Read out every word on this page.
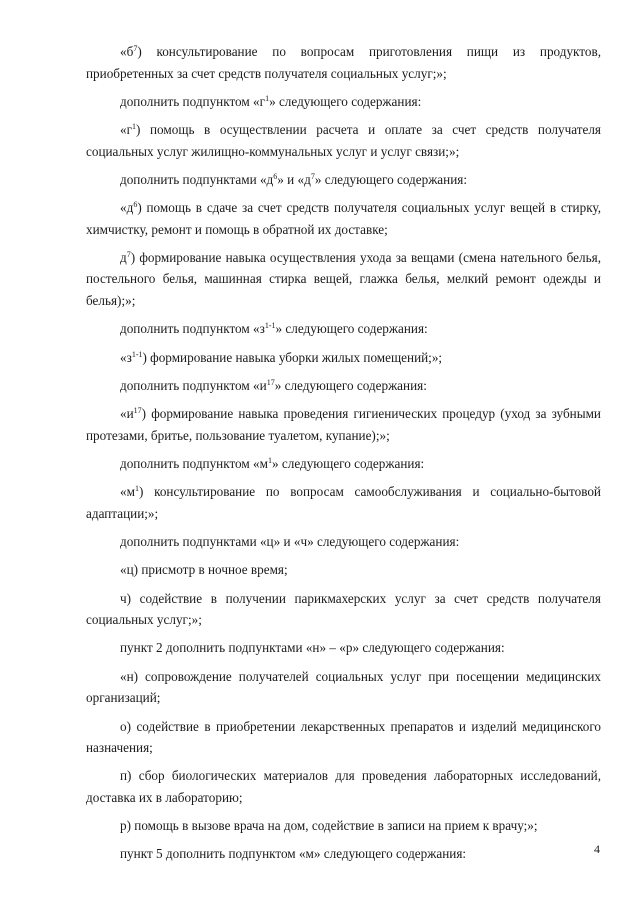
«$б^7$) консультирование по вопросам приготовления пищи из продуктов, приобретенных за счет средств получателя социальных услуг;»;

дополнить подпунктом «$г^1$» следующего содержания:

«$г^1$) помощь в осуществлении расчета и оплате за счет средств получателя социальных услуг жилищно-коммунальных услуг и услуг связи;»;

дополнить подпунктами «$д^6$» и «$д^7$» следующего содержания:

«$д^6$) помощь в сдаче за счет средств получателя социальных услуг вещей в стирку, химчистку, ремонт и помощь в обратной их доставке;

$д^7$) формирование навыка осуществления ухода за вещами (смена нательного белья, постельного белья, машинная стирка вещей, глажка белья, мелкий ремонт одежды и белья);»;

дополнить подпунктом «$з^{1-1}$» следующего содержания:

«$з^{1-1}$) формирование навыка уборки жилых помещений;»;

дополнить подпунктом «$и^{17}$» следующего содержания:

«$и^{17}$) формирование навыка проведения гигиенических процедур (уход за зубными протезами, бритье, пользование туалетом, купание);»;

дополнить подпунктом «$м^1$» следующего содержания:

«$м^1$) консультирование по вопросам самообслуживания и социально-бытовой адаптации;»;

дополнить подпунктами «ц» и «ч» следующего содержания:

«ц) присмотр в ночное время;

ч) содействие в получении парикмахерских услуг за счет средств получателя социальных услуг;»;

пункт 2 дополнить подпунктами «н» – «р» следующего содержания:

«н) сопровождение получателей социальных услуг при посещении медицинских организаций;

о) содействие в приобретении лекарственных препаратов и изделий медицинского назначения;

п) сбор биологических материалов для проведения лабораторных исследований, доставка их в лабораторию;

р) помощь в вызове врача на дом, содействие в записи на прием к врачу;»;

пункт 5 дополнить подпунктом «м» следующего содержания:	4
